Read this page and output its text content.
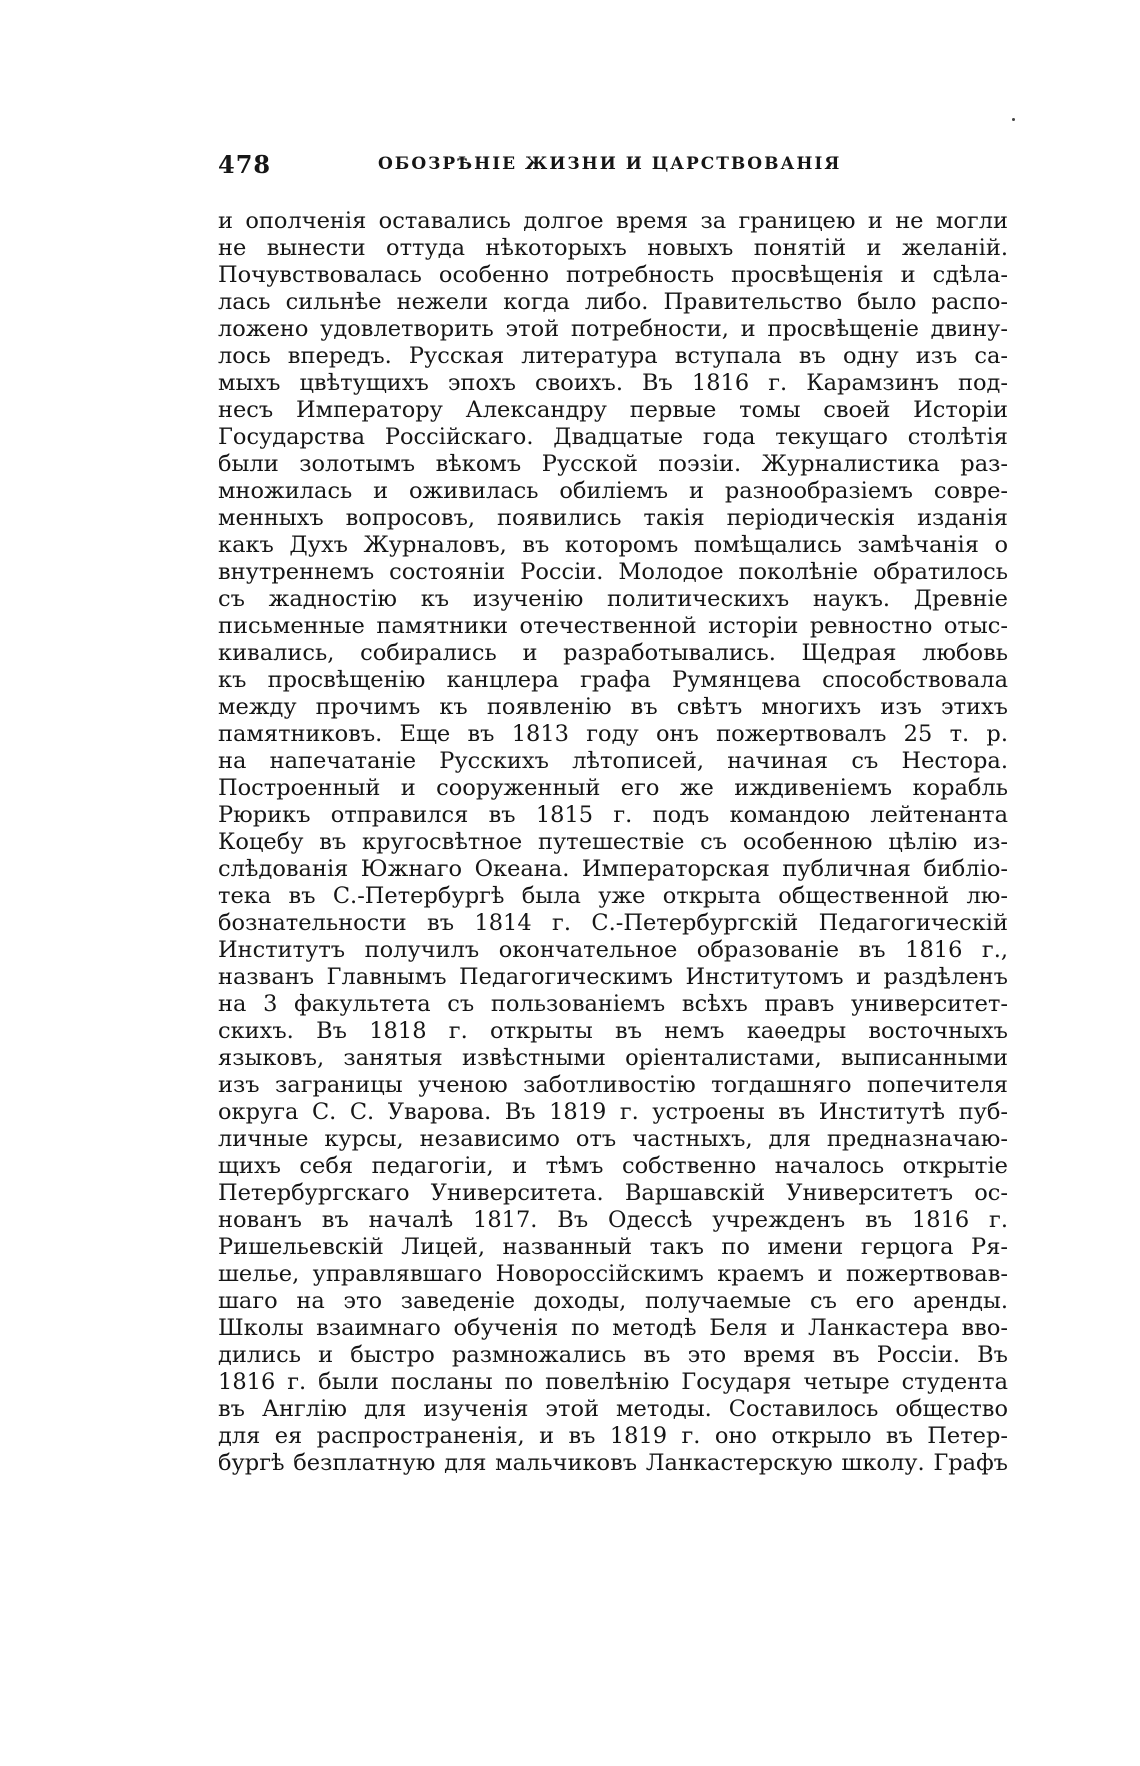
478	ОБОЗРѢНІЕ ЖИЗНИ И ЦАРСТВОВАНІЯ
и ополченія оставались долгое время за границею и не могли
не вынести оттуда нѣкоторыхъ новыхъ понятій и желаній.
Почувствовалась особенно потребность просвѣщенія и сдѣла-
лась сильнѣе нежели когда либо. Правительство было распо-
ложено удовлетворить этой потребности, и просвѣщеніе двину-
лось впередъ. Русская литература вступала въ одну изъ са-
мыхъ цвѣтущихъ эпохъ своихъ. Въ 1816 г. Карамзинъ под-
несъ Императору Александру первые томы своей Исторіи
Государства Россійскаго. Двадцатые года текущаго столѣтія
были золотымъ вѣкомъ Русской поэзіи. Журналистика раз-
множилась и оживилась обиліемъ и разнообразіемъ совре-
менныхъ вопросовъ, появились такія періодическія изданія
какъ Духъ Журналовъ, въ которомъ помѣщались замѣчанія о
внутреннемъ состояніи Россіи. Молодое поколѣніе обратилось
съ жадностію къ изученію политическихъ наукъ. Древніе
письменные памятники отечественной исторіи ревностно отыс-
кивались, собирались и разработывались. Щедрая любовь
къ просвѣщенію канцлера графа Румянцева способствовала
между прочимъ къ появленію въ свѣтъ многихъ изъ этихъ
памятниковъ. Еще въ 1813 году онъ пожертвовалъ 25 т. р.
на напечатаніе Русскихъ лѣтописей, начиная съ Нестора.
Построенный и сооруженный его же иждивеніемъ корабль
Рюрикъ отправился въ 1815 г. подъ командою лейтенанта
Коцебу въ кругосвѣтное путешествіе съ особенною цѣлію из-
слѣдованія Южнаго Океана. Императорская публичная библіо-
тека въ С.-Петербургѣ была уже открыта общественной лю-
бознательности въ 1814 г. С.-Петербургскій Педагогическій
Институтъ получилъ окончательное образованіе въ 1816 г.,
названъ Главнымъ Педагогическимъ Институтомъ и раздѣленъ
на 3 факультета съ пользованіемъ всѣхъ правъ университет-
скихъ. Въ 1818 г. открыты въ немъ каѳедры восточныхъ
языковъ, занятыя извѣстными оріенталистами, выписанными
изъ заграницы ученою заботливостію тогдашняго попечителя
округа С. С. Уварова. Въ 1819 г. устроены въ Институтѣ пуб-
личные курсы, независимо отъ частныхъ, для предназначаю-
щихъ себя педагогіи, и тѣмъ собственно началось открытіе
Петербургскаго Университета. Варшавскій Университетъ ос-
нованъ въ началѣ 1817. Въ Одессѣ учрежденъ въ 1816 г.
Ришельевскій Лицей, названный такъ по имени герцога Ря-
шелье, управлявшаго Новороссійскимъ краемъ и пожертвовав-
шаго на это заведеніе доходы, получаемые съ его аренды.
Школы взаимнаго обученія по методѣ Беля и Ланкастера вво-
дились и быстро размножались въ это время въ Россіи. Въ
1816 г. были посланы по повелѣнію Государя четыре студента
въ Англію для изученія этой методы. Составилось общество
для ея распространенія, и въ 1819 г. оно открыло въ Петер-
бургѣ безплатную для мальчиковъ Ланкастерскую школу. Графъ
